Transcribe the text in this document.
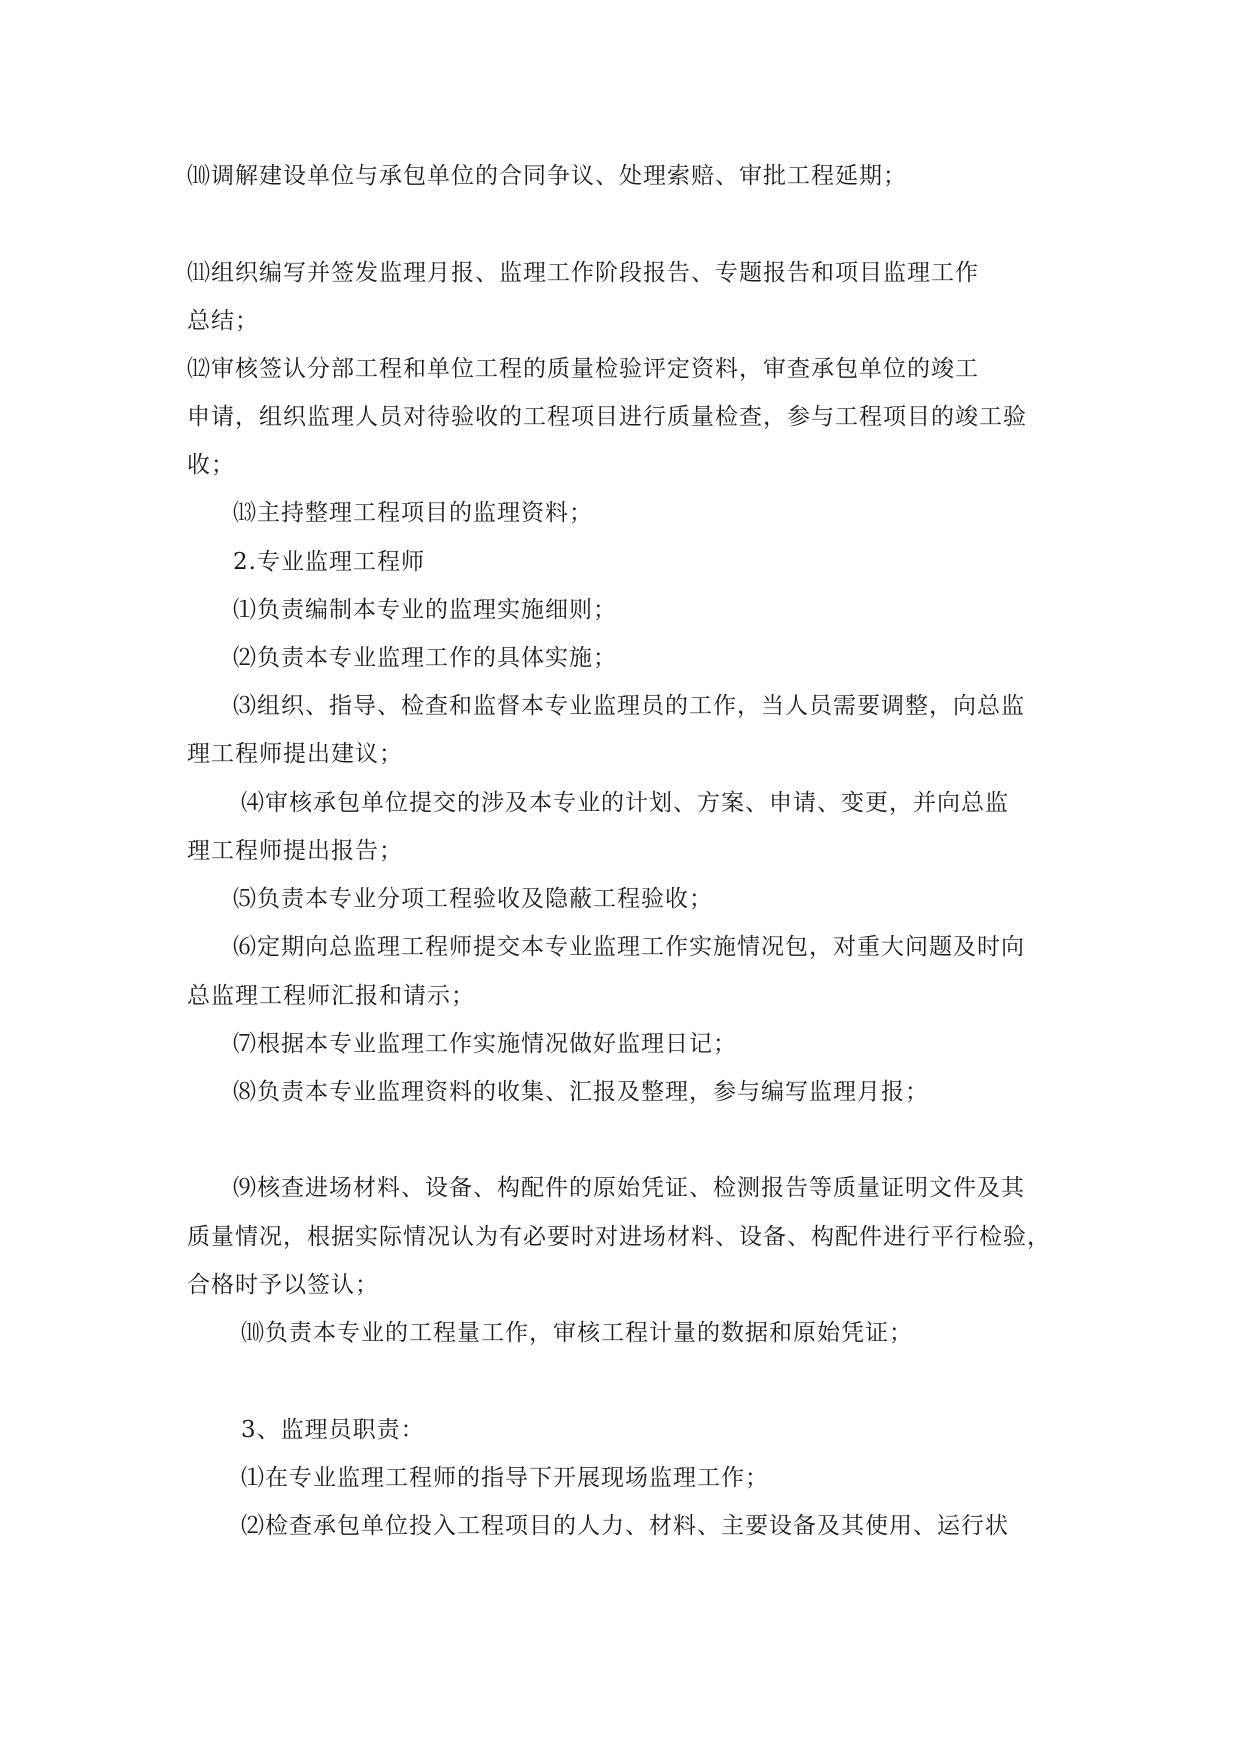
⑽调解建设单位与承包单位的合同争议、处理索赔、审批工程延期；
⑾组织编写并签发监理月报、监理工作阶段报告、专题报告和项目监理工作
总结；
⑿审核签认分部工程和单位工程的质量检验评定资料，审查承包单位的竣工
申请，组织监理人员对待验收的工程项目进行质量检查，参与工程项目的竣工验
收；
⒀主持整理工程项目的监理资料；
2.专业监理工程师
⑴负责编制本专业的监理实施细则；
⑵负责本专业监理工作的具体实施；
⑶组织、指导、检查和监督本专业监理员的工作，当人员需要调整，向总监
理工程师提出建议；
⑷审核承包单位提交的涉及本专业的计划、方案、申请、变更，并向总监
理工程师提出报告；
⑸负责本专业分项工程验收及隐蔽工程验收；
⑹定期向总监理工程师提交本专业监理工作实施情况包，对重大问题及时向
总监理工程师汇报和请示；
⑺根据本专业监理工作实施情况做好监理日记；
⑻负责本专业监理资料的收集、汇报及整理，参与编写监理月报；
⑼核查进场材料、设备、构配件的原始凭证、检测报告等质量证明文件及其
质量情况，根据实际情况认为有必要时对进场材料、设备、构配件进行平行检验，
合格时予以签认；
⑽负责本专业的工程量工作，审核工程计量的数据和原始凭证；
3、监理员职责：
⑴在专业监理工程师的指导下开展现场监理工作；
⑵检查承包单位投入工程项目的人力、材料、主要设备及其使用、运行状
